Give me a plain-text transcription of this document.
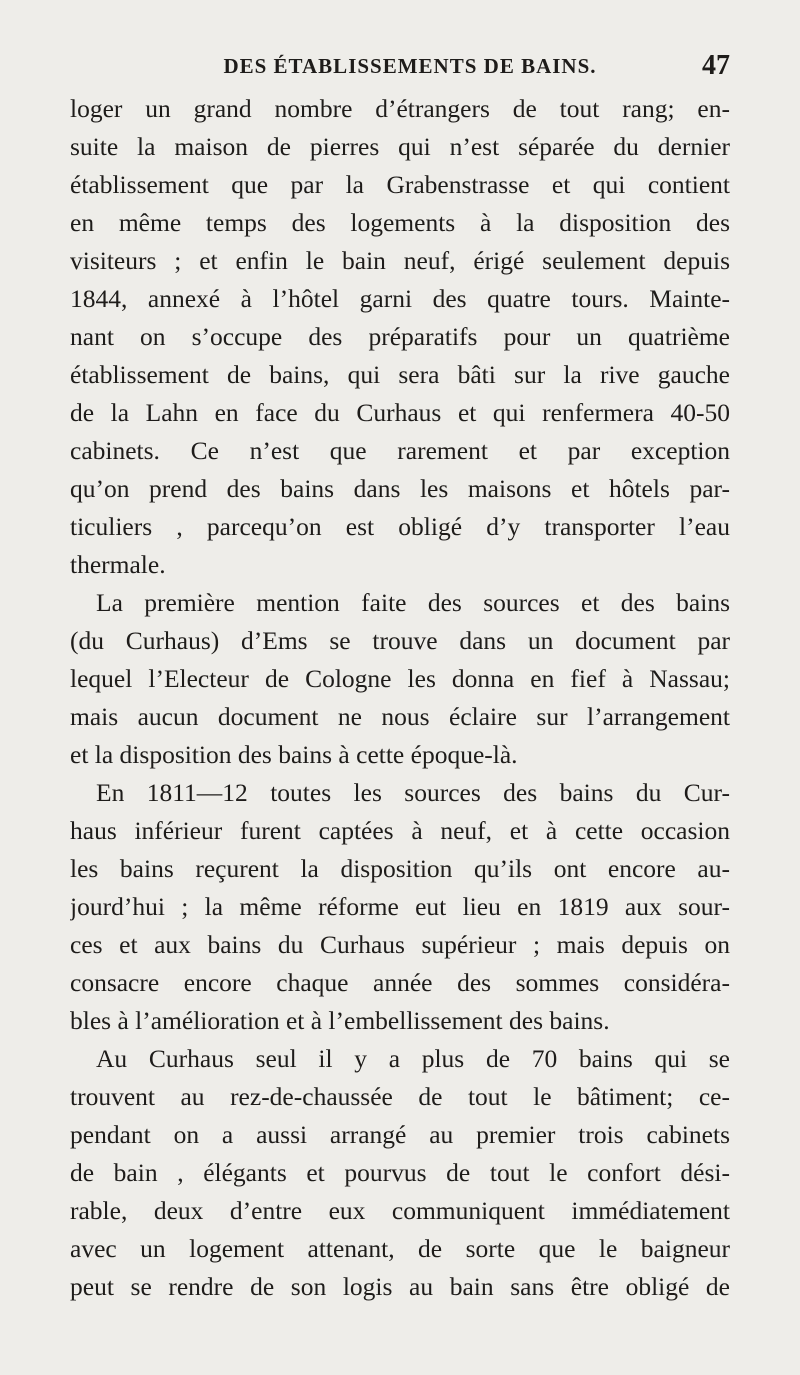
DES ÉTABLISSEMENTS DE BAINS.	47
loger un grand nombre d’étrangers de tout rang; en-
suite la maison de pierres qui n’est séparée du dernier
établissement que par la Grabenstrasse et qui contient
en même temps des logements à la disposition des
visiteurs ; et enfin le bain neuf, érigé seulement depuis
1844, annexé à l’hôtel garni des quatre tours. Mainte-
nant on s’occupe des préparatifs pour un quatrième
établissement de bains, qui sera bâti sur la rive gauche
de la Lahn en face du Curhaus et qui renfermera 40-50
cabinets. Ce n’est que rarement et par exception
qu’on prend des bains dans les maisons et hôtels par-
ticuliers , parcequ’on est obligé d’y transporter l’eau
thermale.
La première mention faite des sources et des bains
(du Curhaus) d’Ems se trouve dans un document par
lequel l’Electeur de Cologne les donna en fief à Nassau;
mais aucun document ne nous éclaire sur l’arrangement
et la disposition des bains à cette époque-là.
En 1811—12 toutes les sources des bains du Cur-
haus inférieur furent captées à neuf, et à cette occasion
les bains reçurent la disposition qu’ils ont encore au-
jourd’hui ; la même réforme eut lieu en 1819 aux sour-
ces et aux bains du Curhaus supérieur ; mais depuis on
consacre encore chaque année des sommes considéra-
bles à l’amélioration et à l’embellissement des bains.
Au Curhaus seul il y a plus de 70 bains qui se
trouvent au rez-de-chaussée de tout le bâtiment; ce-
pendant on a aussi arrangé au premier trois cabinets
de bain , élégants et pourvus de tout le confort dési-
rable, deux d’entre eux communiquent immédiatement
avec un logement attenant, de sorte que le baigneur
peut se rendre de son logis au bain sans être obligé de
